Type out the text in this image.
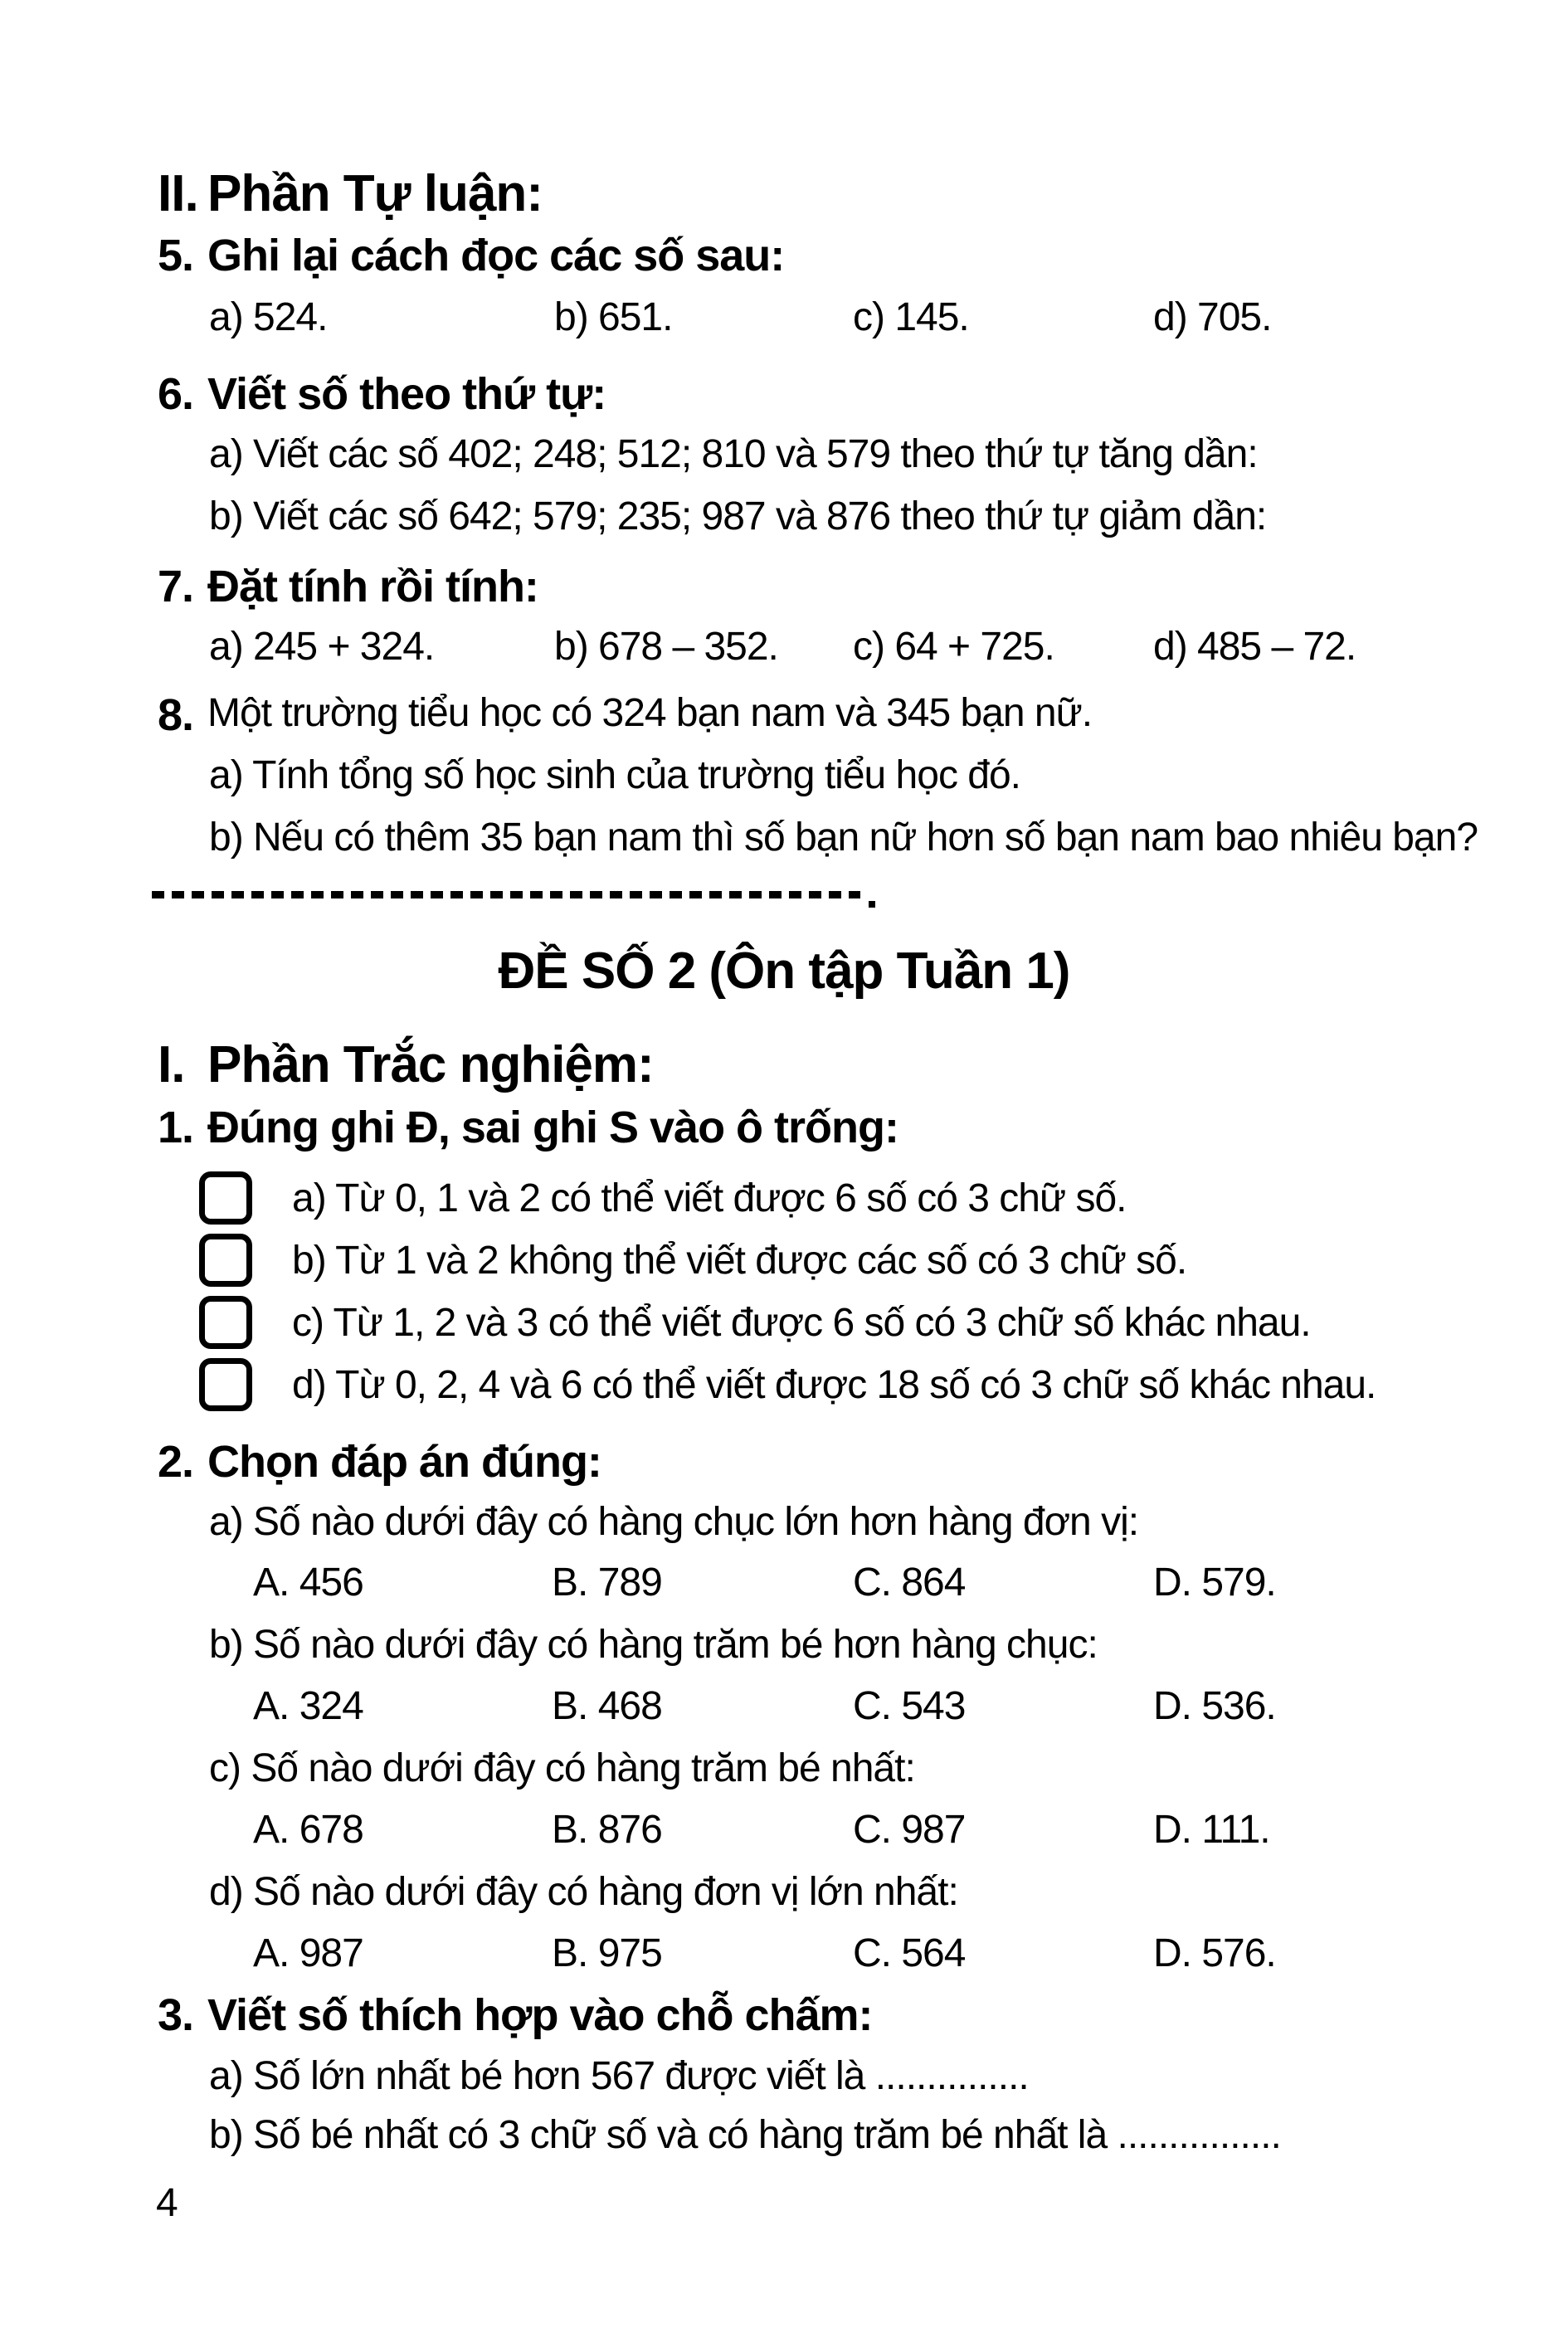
II. Phần Tự luận:
5. Ghi lại cách đọc các số sau:
a) 524.	b) 651.	c) 145.	d) 705.
6. Viết số theo thứ tự:
a) Viết các số 402; 248; 512; 810 và 579 theo thứ tự tăng dần:
b) Viết các số 642; 579; 235; 987 và 876 theo thứ tự giảm dần:
7. Đặt tính rồi tính:
a) 245 + 324.	b) 678 – 352. c) 64 + 725. d) 485 – 72.
8. Một trường tiểu học có 324 bạn nam và 345 bạn nữ.
a) Tính tổng số học sinh của trường tiểu học đó.
b) Nếu có thêm 35 bạn nam thì số bạn nữ hơn số bạn nam bao nhiêu bạn?
ĐỀ SỐ 2 (Ôn tập Tuần 1)
I. Phần Trắc nghiệm:
1. Đúng ghi Đ, sai ghi S vào ô trống:
a) Từ 0, 1 và 2 có thể viết được 6 số có 3 chữ số.
b) Từ 1 và 2 không thể viết được các số có 3 chữ số.
c) Từ 1, 2 và 3 có thể viết được 6 số có 3 chữ số khác nhau.
d) Từ 0, 2, 4 và 6 có thể viết được 18 số có 3 chữ số khác nhau.
2. Chọn đáp án đúng:
a) Số nào dưới đây có hàng chục lớn hơn hàng đơn vị:
A. 456	B. 789	C. 864	D. 579.
b) Số nào dưới đây có hàng trăm bé hơn hàng chục:
A. 324	B. 468	C. 543	D. 536.
c) Số nào dưới đây có hàng trăm bé nhất:
A. 678	B. 876	C. 987	D. 111.
d) Số nào dưới đây có hàng đơn vị lớn nhất:
A. 987	B. 975	C. 564	D. 576.
3. Viết số thích hợp vào chỗ chấm:
a) Số lớn nhất bé hơn 567 được viết là ...............
b) Số bé nhất có 3 chữ số và có hàng trăm bé nhất là ................
4
